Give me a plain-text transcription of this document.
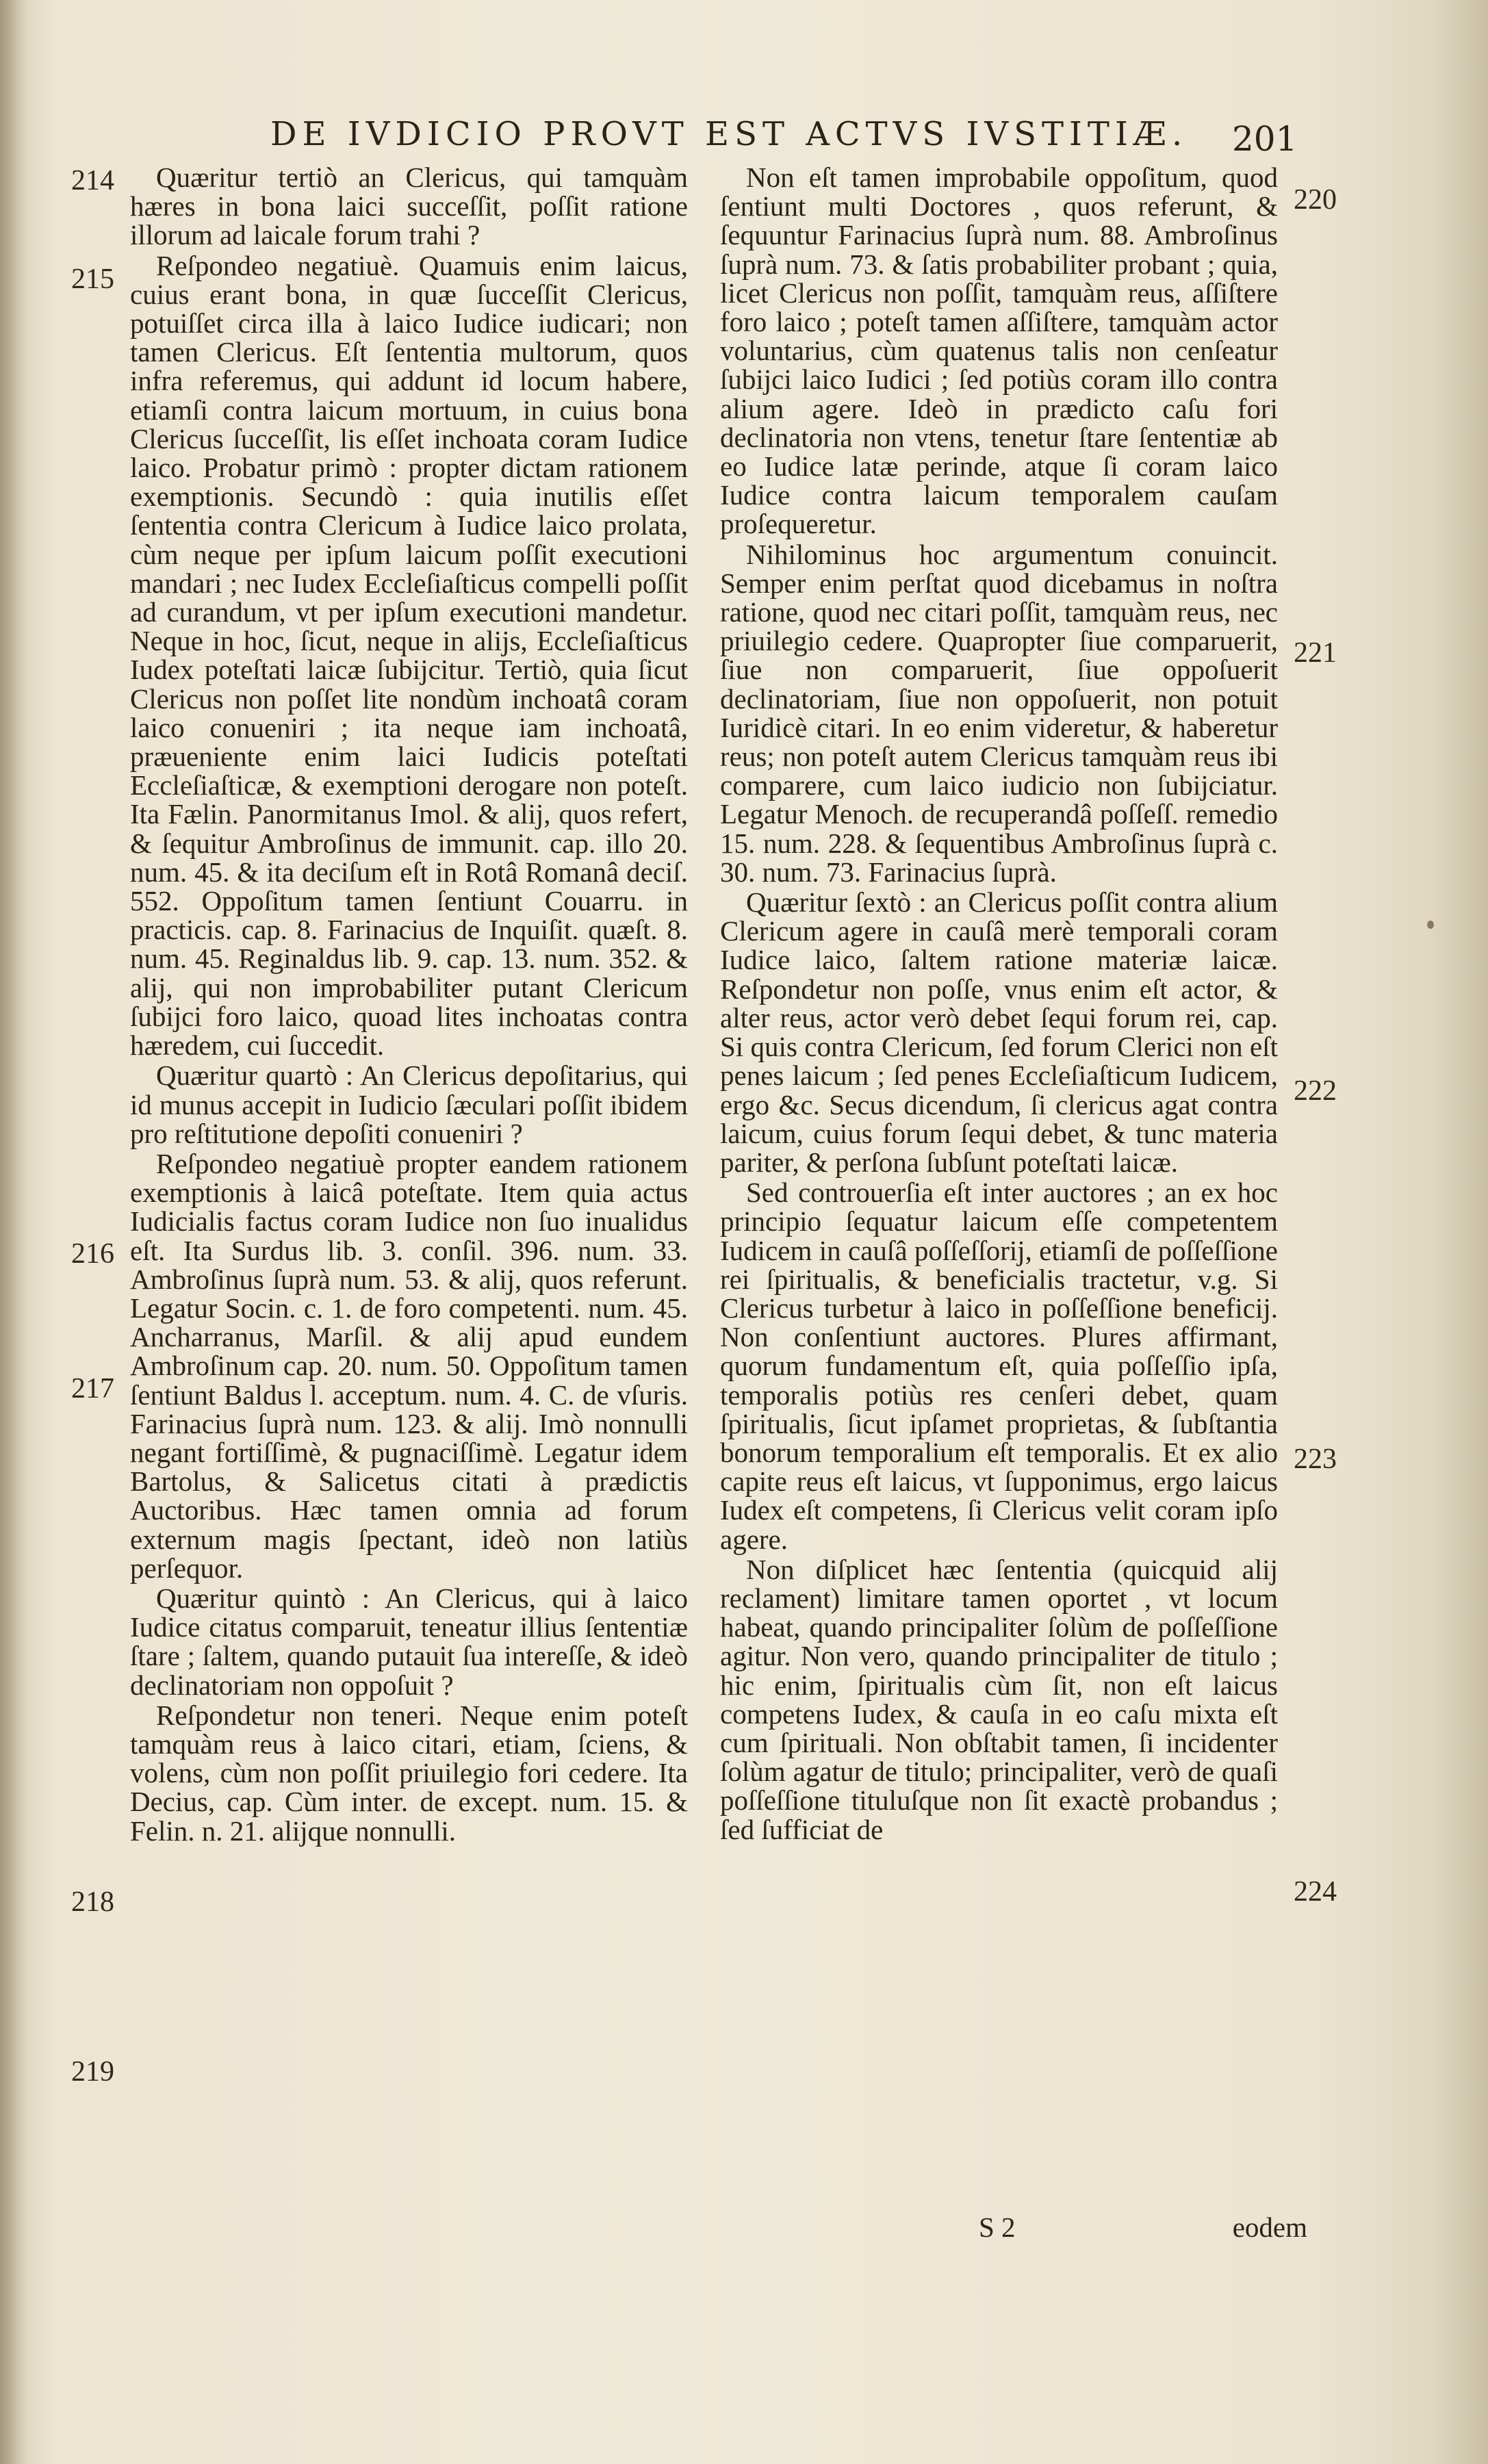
DE IVDICIO PROVT EST ACTVS IVSTITIÆ. 201

Quæritur tertiò an Clericus, qui tamquàm hæres in bona laici succeſſit, poſſit ratione illorum ad laicale forum trahi ?

Reſpondeo negatiuè. Quamuis enim laicus, cuius erant bona, in quæ ſucceſſit Clericus, potuiſſet circa illa à laico Iudice iudicari; non tamen Clericus. Eſt ſententia multorum, quos infra referemus, qui addunt id locum habere, etiamſi contra laicum mortuum, in cuius bona Clericus ſucceſſit, lis eſſet inchoata coram Iudice laico. Probatur primò : propter dictam rationem exemptionis. Secundò : quia inutilis eſſet ſententia contra Clericum à Iudice laico prolata, cùm neque per ipſum laicum poſſit executioni mandari ; nec Iudex Eccleſiaſticus compelli poſſit ad curandum, vt per ipſum executioni mandetur. Neque in hoc, ſicut, neque in alijs, Eccleſiaſticus Iudex poteſtati laicæ ſubijcitur. Tertiò, quia ſicut Clericus non poſſet lite nondùm inchoatâ coram laico conueniri ; ita neque iam inchoatâ, præueniente enim laici Iudicis poteſtati Eccleſiaſticæ, & exemptioni derogare non poteſt. Ita Fælin. Panormitanus Imol. & alij, quos refert, & ſequitur Ambroſinus de immunit. cap. illo 20. num. 45. & ita deciſum eſt in Rotâ Romanâ deciſ. 552. Oppoſitum tamen ſentiunt Couarru. in practicis. cap. 8. Farinacius de Inquiſit. quæſt. 8. num. 45. Reginaldus lib. 9. cap. 13. num. 352. & alij, qui non improbabiliter putant Clericum ſubijci foro laico, quoad lites inchoatas contra hæredem, cui ſuccedit.

Quæritur quartò : An Clericus depoſitarius, qui id munus accepit in Iudicio ſæculari poſſit ibidem pro reſtitutione depoſiti conueniri ?

Reſpondeo negatiuè propter eandem rationem exemptionis à laicâ poteſtate. Item quia actus Iudicialis factus coram Iudice non ſuo inualidus eſt. Ita Surdus lib. 3. conſil. 396. num. 33. Ambroſinus ſuprà num. 53. & alij, quos referunt. Legatur Socin. c. 1. de foro competenti. num. 45. Ancharranus, Marſil. & alij apud eundem Ambroſinum cap. 20. num. 50. Oppoſitum tamen ſentiunt Baldus l. acceptum. num. 4. C. de vſuris. Farinacius ſuprà num. 123. & alij. Imò nonnulli negant fortiſſimè, & pugnaciſſimè. Legatur idem Bartolus, & Salicetus citati à prædictis Auctoribus. Hæc tamen omnia ad forum externum magis ſpectant, ideò non latiùs perſequor.

Quæritur quintò : An Clericus, qui à laico Iudice citatus comparuit, teneatur illius ſententiæ ſtare ; ſaltem, quando putauit ſua intereſſe, & ideò declinatoriam non oppoſuit ?

Reſpondetur non teneri. Neque enim poteſt tamquàm reus à laico citari, etiam, ſciens, & volens, cùm non poſſit priuilegio fori cedere. Ita Decius, cap. Cùm inter. de except. num. 15. & Felin. n. 21. alijque nonnulli.

Non eſt tamen improbabile oppoſitum, quod ſentiunt multi Doctores , quos referunt, & ſequuntur Farinacius ſuprà num. 88. Ambroſinus ſuprà num. 73. & ſatis probabiliter probant ; quia, licet Clericus non poſſit, tamquàm reus, aſſiſtere foro laico ; poteſt tamen aſſiſtere, tamquàm actor voluntarius, cùm quatenus talis non cenſeatur ſubijci laico Iudici ; ſed potiùs coram illo contra alium agere. Ideò in prædicto caſu fori declinatoria non vtens, tenetur ſtare ſententiæ ab eo Iudice latæ perinde, atque ſi coram laico Iudice contra laicum temporalem cauſam proſequeretur.

Nihilominus hoc argumentum conuincit. Semper enim perſtat quod dicebamus in noſtra ratione, quod nec citari poſſit, tamquàm reus, nec priuilegio cedere. Quapropter ſiue comparuerit, ſiue non comparuerit, ſiue oppoſuerit declinatoriam, ſiue non oppoſuerit, non potuit Iuridicè citari. In eo enim videretur, & haberetur reus; non poteſt autem Clericus tamquàm reus ibi comparere, cum laico iudicio non ſubijciatur. Legatur Menoch. de recuperandâ poſſeſſ. remedio 15. num. 228. & ſequentibus Ambroſinus ſuprà c. 30. num. 73. Farinacius ſuprà.

Quæritur ſextò : an Clericus poſſit contra alium Clericum agere in cauſâ merè temporali coram Iudice laico, ſaltem ratione materiæ laicæ. Reſpondetur non poſſe, vnus enim eſt actor, & alter reus, actor verò debet ſequi forum rei, cap. Si quis contra Clericum, ſed forum Clerici non eſt penes laicum ; ſed penes Eccleſiaſticum Iudicem, ergo &c. Secus dicendum, ſi clericus agat contra laicum, cuius forum ſequi debet, & tunc materia pariter, & perſona ſubſunt poteſtati laicæ.

Sed controuerſia eſt inter auctores ; an ex hoc principio ſequatur laicum eſſe competentem Iudicem in cauſâ poſſeſſorij, etiamſi de poſſeſſione rei ſpiritualis, & beneficialis tractetur, v.g. Si Clericus turbetur à laico in poſſeſſione beneficij. Non conſentiunt auctores. Plures affirmant, quorum fundamentum eſt, quia poſſeſſio ipſa, temporalis potiùs res cenſeri debet, quam ſpiritualis, ſicut ipſamet proprietas, & ſubſtantia bonorum temporalium eſt temporalis. Et ex alio capite reus eſt laicus, vt ſupponimus, ergo laicus Iudex eſt competens, ſi Clericus velit coram ipſo agere.

Non diſplicet hæc ſententia (quicquid alij reclament) limitare tamen oportet , vt locum habeat, quando principaliter ſolùm de poſſeſſione agitur. Non vero, quando principaliter de titulo ; hic enim, ſpiritualis cùm ſit, non eſt laicus competens Iudex, & cauſa in eo caſu mixta eſt cum ſpirituali. Non obſtabit tamen, ſi incidenter ſolùm agatur de titulo; principaliter, verò de quaſi poſſeſſione tituluſque non ſit exactè probandus ; ſed ſufficiat de

214
215
216
217
218
219
220
221
222
223
224
S 2	eodem
